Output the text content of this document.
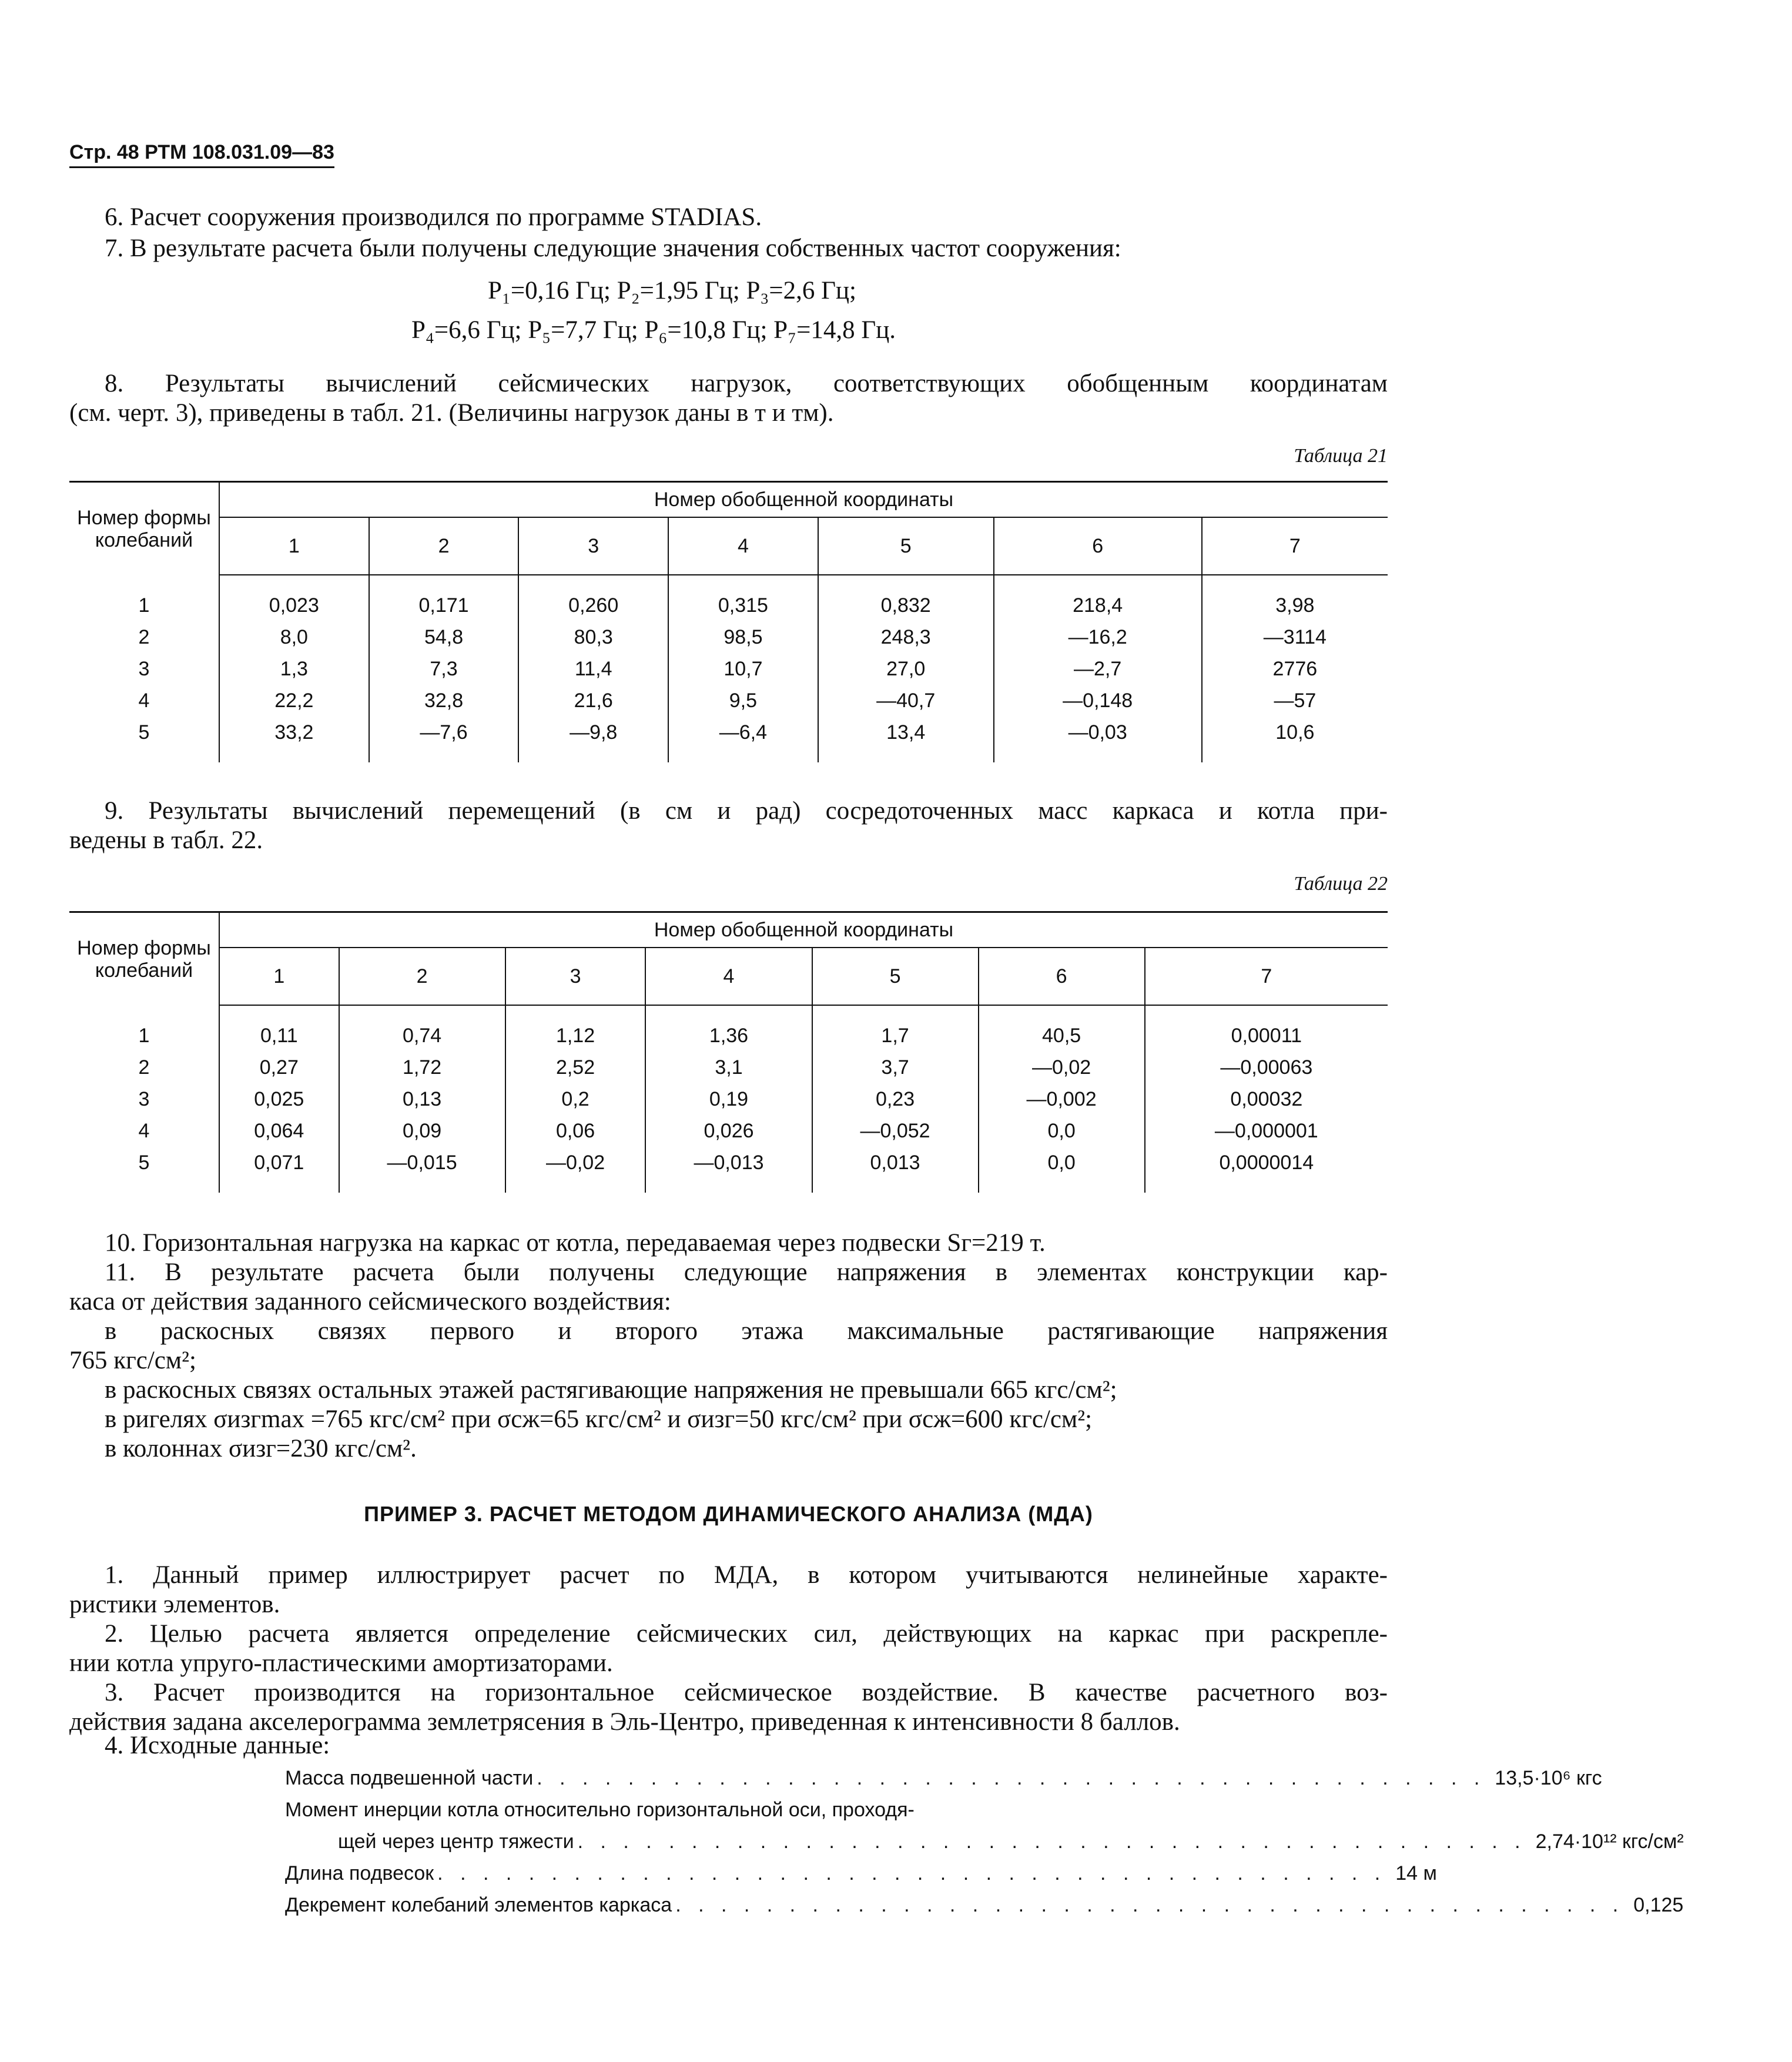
Стр. 48 РТМ 108.031.09—83
6. Расчет сооружения производился по программе STADIAS.
7. В результате расчета были получены следующие значения собственных частот сооружения:
P₁=0,16 Гц; P₂=1,95 Гц; P₃=2,6 Гц;
P₄=6,6 Гц; P₅=7,7 Гц; P₆=10,8 Гц; P₇=14,8 Гц.
8. Результаты вычислений сейсмических нагрузок, соответствующих обобщенным координатам
(см. черт. 3), приведены в табл. 21. (Величины нагрузок даны в т и тм).
Таблица 21
Номер формы колебаний	Номер обобщенной координаты						
	1	2	3	4	5	6	7

1	0,023	0,171	0,260	0,315	0,832	218,4	3,98
2	8,0	54,8	80,3	98,5	248,3	—16,2	—3114
3	1,3	7,3	11,4	10,7	27,0	—2,7	2776
4	22,2	32,8	21,6	9,5	—40,7	—0,148	—57
5	33,2	—7,6	—9,8	—6,4	13,4	—0,03	10,6

9. Результаты вычислений перемещений (в см и рад) сосредоточенных масс каркаса и котла при-
ведены в табл. 22.
Таблица 22
Номер формы колебаний	Номер обобщенной координаты						
	1	2	3	4	5	6	7

1	0,11	0,74	1,12	1,36	1,7	40,5	0,00011
2	0,27	1,72	2,52	3,1	3,7	—0,02	—0,00063
3	0,025	0,13	0,2	0,19	0,23	—0,002	0,00032
4	0,064	0,09	0,06	0,026	—0,052	0,0	—0,000001
5	0,071	—0,015	—0,02	—0,013	0,013	0,0	0,0000014

10. Горизонтальная нагрузка на каркас от котла, передаваемая через подвески Sг=219 т.
11. В результате расчета были получены следующие напряжения в элементах конструкции кар-
каса от действия заданного сейсмического воздействия:
в раскосных связях первого и второго этажа максимальные растягивающие напряжения
765 кгс/см²;
в раскосных связях остальных этажей растягивающие напряжения не превышали 665 кгс/см²;
в ригелях σизгmax =765 кгс/см² при σсж=65 кгс/см² и σизг=50 кгс/см² при σсж=600 кгс/см²;
в колоннах σизг=230 кгс/см².
ПРИМЕР 3. РАСЧЕТ МЕТОДОМ ДИНАМИЧЕСКОГО АНАЛИЗА (МДА)
1. Данный пример иллюстрирует расчет по МДА, в котором учитываются нелинейные характе-
ристики элементов.
2. Целью расчета является определение сейсмических сил, действующих на каркас при раскрепле-
нии котла упруго-пластическими амортизаторами.
3. Расчет производится на горизонтальное сейсмическое воздействие. В качестве расчетного воз-
действия задана акселерограмма землетрясения в Эль-Центро, приведенная к интенсивности 8 баллов.
4. Исходные данные:
Масса подвешенной части . . . . . . . . . . . . . . . . . . . . . . . . . . . . . . . . . . . . . . . . . . 13,5·10⁶ кгс
Момент инерции котла относительно горизонтальной оси, проходя-
щей через центр тяжести . . . . . . . . . . . . . . . . . . . . . . . . . . . . . . . . . . . . . . . . . . 2,74·10¹² кгс/см²
Длина подвесок . . . . . . . . . . . . . . . . . . . . . . . . . . . . . . . . . . . . . . . . . . 14 м
Декремент колебаний элементов каркаса . . . . . . . . . . . . . . . . . . . . . . . . . . . . . . . . . . . . . . . . . . 0,125
